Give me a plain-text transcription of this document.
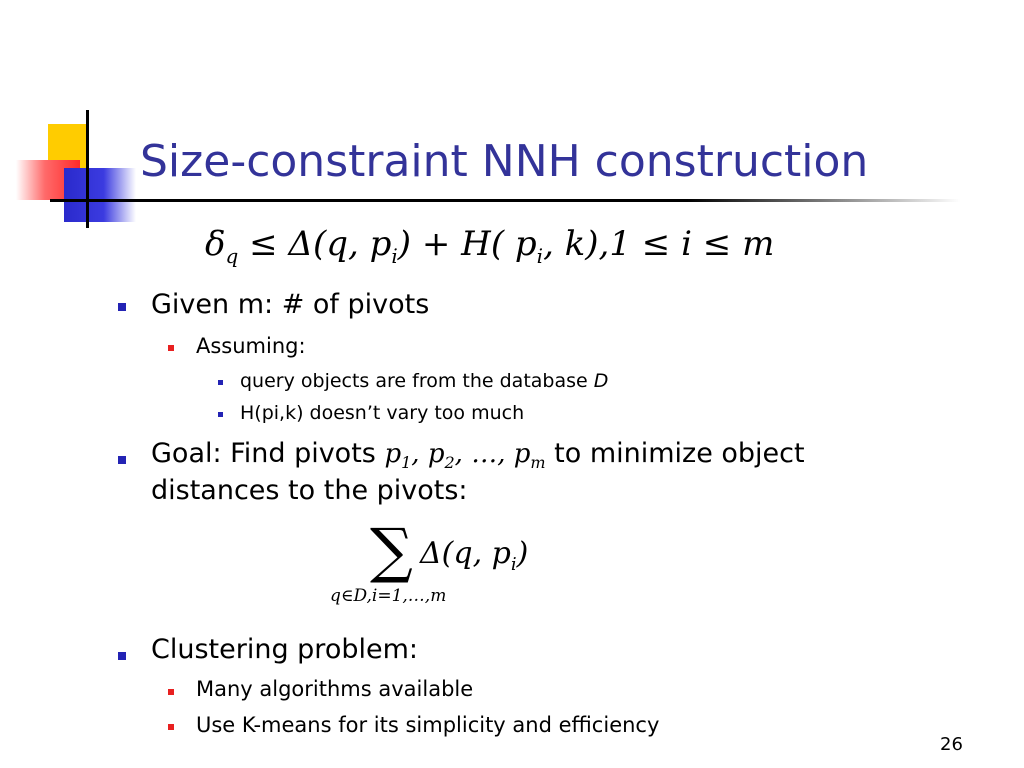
Size-constraint NNH construction
$\delta_q \le \Delta(q$, $p_i) + H$( $p_i$, k),1 ≤ i ≤ m
Given m: # of pivots
Assuming:
query objects are from the database D
H(pi,k) doesn’t vary too much
Goal: Find pivots $p_1$, $p_2$, …, $p_m$ to minimize object
distances to the pivots:
∑ Δ(q, $p_i$)
q∈D,i=1,…,m
Clustering problem:
Many algorithms available
Use K-means for its simplicity and efficiency
26
